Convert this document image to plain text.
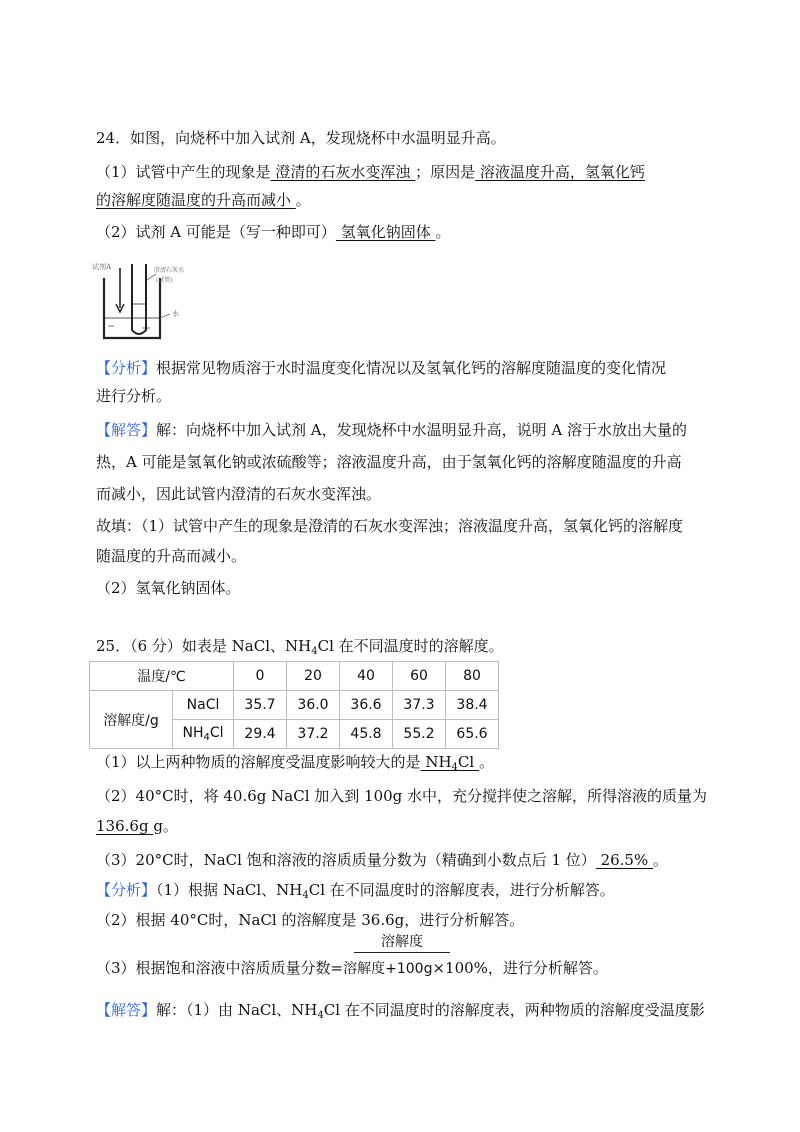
24．如图，向烧杯中加入试剂 A，发现烧杯中水温明显升高。
（1）试管中产生的现象是 澄清的石灰水变浑浊 ；原因是 溶液温度升高，氢氧化钙
的溶解度随温度的升高而减小 。
（2）试剂 A 可能是（写一种即可） 氢氧化钠固体 。
试剂A	澄清石灰水
(试管)
水
【分析】根据常见物质溶于水时温度变化情况以及氢氧化钙的溶解度随温度的变化情况
进行分析。
【解答】解：向烧杯中加入试剂 A，发现烧杯中水温明显升高，说明 A 溶于水放出大量的
热，A 可能是氢氧化钠或浓硫酸等；溶液温度升高，由于氢氧化钙的溶解度随温度的升高
而减小，因此试管内澄清的石灰水变浑浊。
故填：（1）试管中产生的现象是澄清的石灰水变浑浊；溶液温度升高，氢氧化钙的溶解度
随温度的升高而减小。
（2）氢氧化钠固体。
25．（6 分）如表是 NaCl、$NH_4Cl$ 在不同温度时的溶解度。
温度/℃		0	20	40	60	80
溶解度/g	NaCl	35.7	36.0	36.6	37.3	38.4
	$NH_4Cl$	29.4	37.2	45.8	55.2	65.6
（1）以上两种物质的溶解度受温度影响较大的是 $NH_4Cl$ 。
（2）40°C时，将 40.6g NaCl 加入到 100g 水中，充分搅拌使之溶解，所得溶液的质量为
136.6g g。
（3）20°C时，NaCl 饱和溶液的溶质质量分数为（精确到小数点后 1 位） 26.5% 。
【分析】（1）根据 NaCl、$NH_4Cl$ 在不同温度时的溶解度表，进行分析解答。
（2）根据 40°C时，NaCl 的溶解度是 36.6g，进行分析解答。
溶解度
（3）根据饱和溶液中溶质质量分数=溶解度+100g×100%，进行分析解答。
【解答】解：（1）由 NaCl、$NH_4Cl$ 在不同温度时的溶解度表，两种物质的溶解度受温度影
